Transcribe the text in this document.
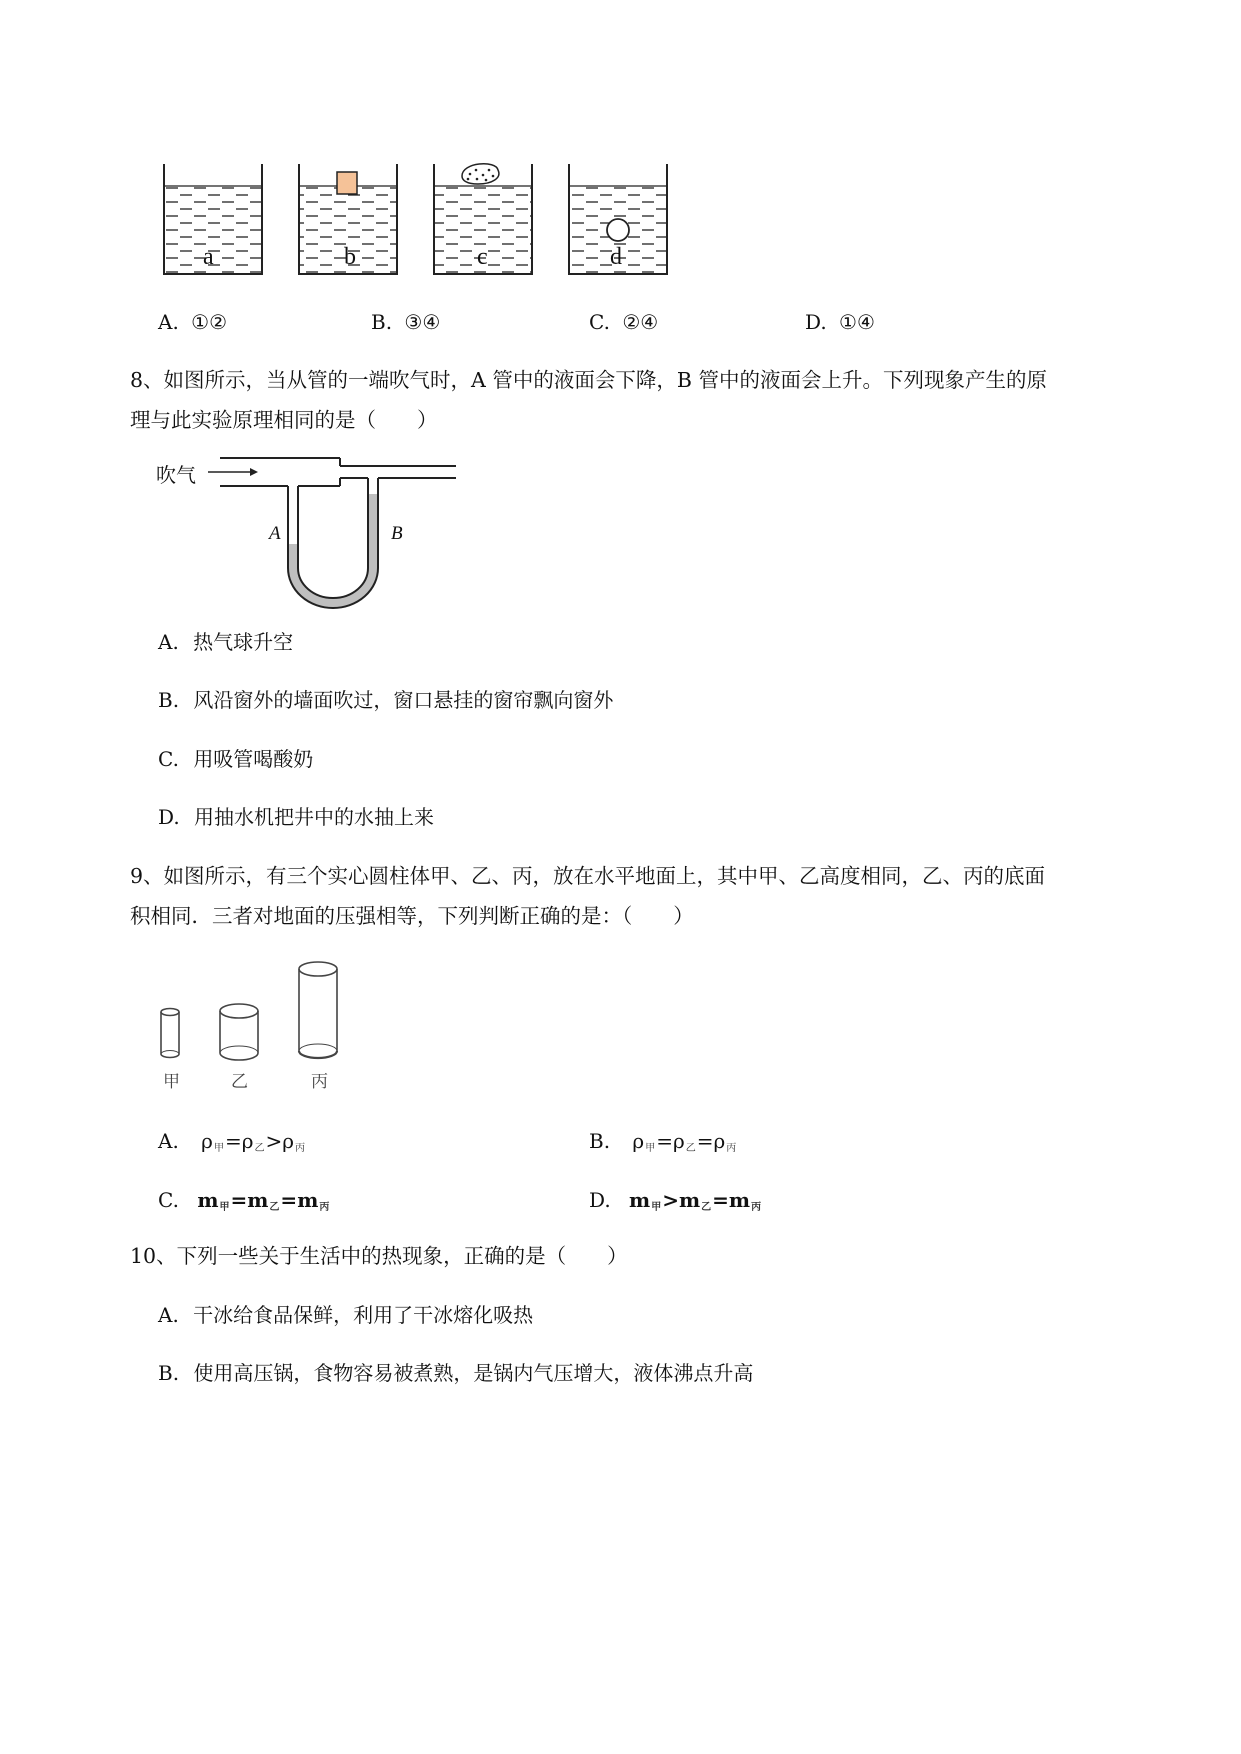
a	b	c	d
A. ①②	B. ③④	C. ②④	D. ①④
8、如图所示，当从管的一端吹气时，A 管中的液面会下降，B 管中的液面会上升。下列现象产生的原
理与此实验原理相同的是（　　）
吹气
A	B
A. 热气球升空
B. 风沿窗外的墙面吹过，窗口悬挂的窗帘飘向窗外
C. 用吸管喝酸奶
D. 用抽水机把井中的水抽上来
9、如图所示，有三个实心圆柱体甲、乙、丙，放在水平地面上，其中甲、乙高度相同，乙、丙的底面
积相同．三者对地面的压强相等，下列判断正确的是：（　　）
甲	乙	丙
A. $\rho_甲=\rho_乙>\rho_丙$	B. $\rho_甲=\rho_乙=\rho_丙$
C. $m_甲=m_乙=m_丙$	D. $m_甲>m_乙=m_丙$
10、下列一些关于生活中的热现象，正确的是（　　）
A. 干冰给食品保鲜，利用了干冰熔化吸热
B. 使用高压锅，食物容易被煮熟，是锅内气压增大，液体沸点升高
